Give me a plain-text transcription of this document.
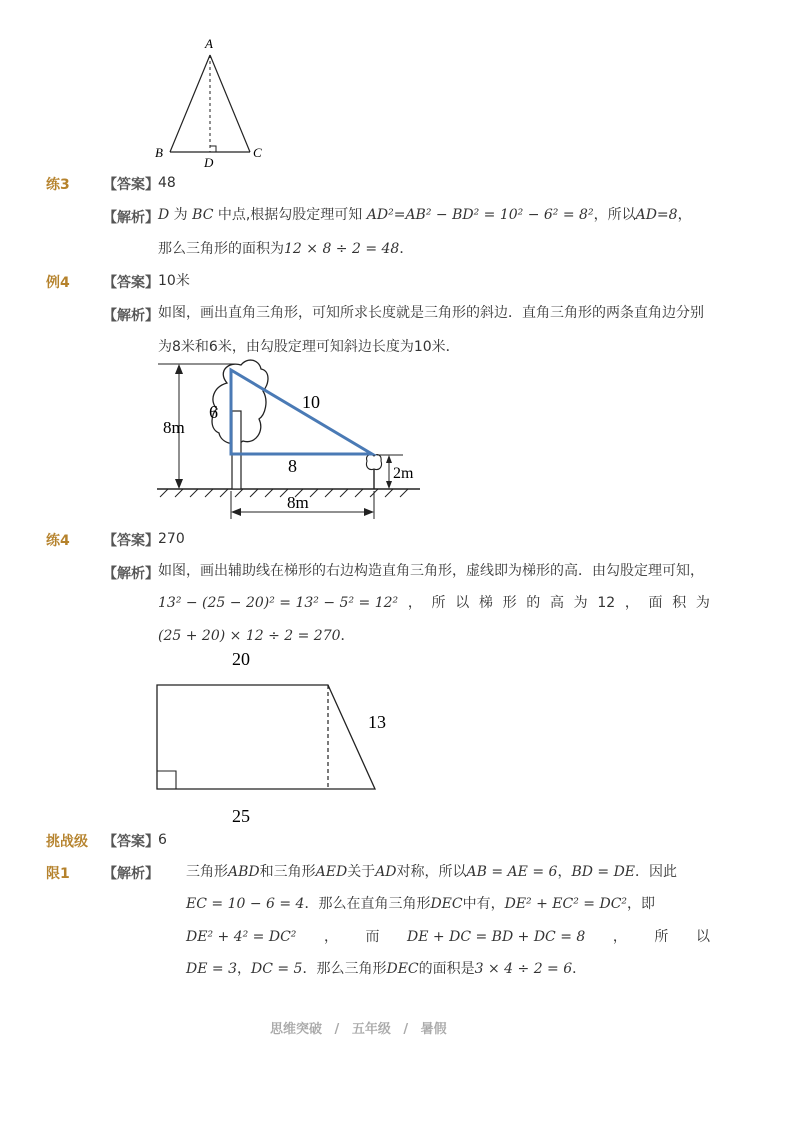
A
B	C
D
练3 【答案】 48
【解析】 D 为 BC 中点,根据勾股定理可知 AD²=AB² − BD² = 10² − 6² = 8²，所以AD=8，
那么三角形的面积为12 × 8 ÷ 2 = 48．
例4 【答案】 10米
【解析】 如图，画出直角三角形，可知所求长度就是三角形的斜边．直角三角形的两条直角边分别
为8米和6米，由勾股定理可知斜边长度为10米．
8m
2m
6	10
8
8m
练4 【答案】 270
【解析】 如图，画出辅助线在梯形的右边构造直角三角形，虚线即为梯形的高．由勾股定理可知，
13² − (25 − 20)² = 13² − 5² = 12² ， 所 以 梯 形 的 高 为 12 ， 面 积 为
(25 + 20) × 12 ÷ 2 = 270．
20
13
25
挑战级 【答案】 6
限1 【解析】 三角形ABD和三角形AED关于AD对称，所以AB = AE = 6，BD = DE．因此
EC = 10 − 6 = 4．那么在直角三角形DEC中有，DE² + EC² = DC²，即
DE² + 4² = DC² ， 而 DE + DC = BD + DC = 8 ， 所 以
DE = 3，DC = 5．那么三角形DEC的面积是3 × 4 ÷ 2 = 6．
思维突破 / 五年级 / 暑假
